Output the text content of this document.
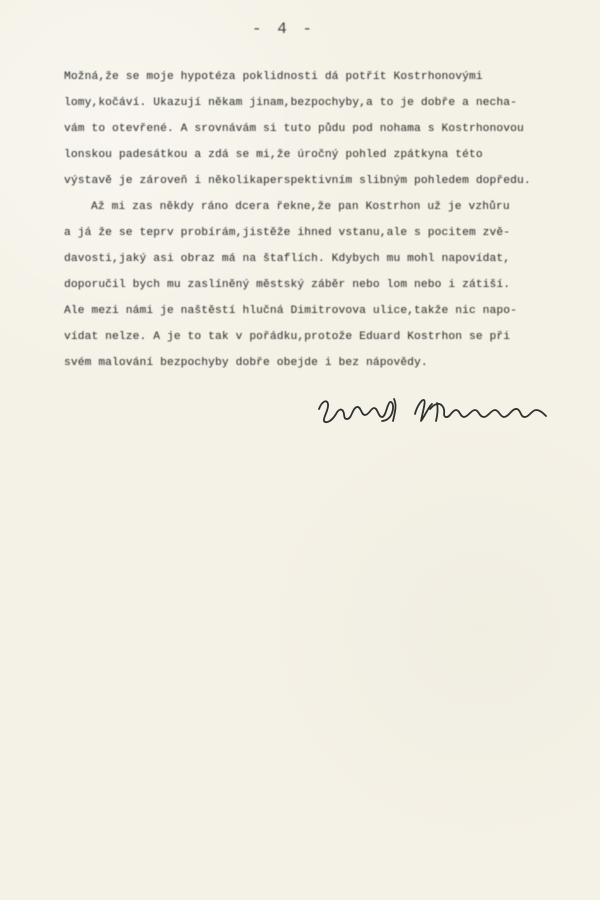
- 4 -
Možná,že se moje hypotéza poklidnosti dá potřít Kostrhonovými
lomy,kočáví. Ukazují někam jinam,bezpochyby,a to je dobře a necha-
vám to otevřené. A srovnávám si tuto půdu pod nohama s Kostrhonovou
lonskou padesátkou a zdá se mi,že úročný pohled zpátkyna této
výstavě je zároveň i několikaperspektivním slibným pohledem dopředu.
Až mi zas někdy ráno dcera řekne,že pan Kostrhon už je vzhůru
a já že se teprv probírám,jistěže ihned vstanu,ale s pocitem zvě-
davosti,jaký asi obraz má na štaflích. Kdybych mu mohl napovídat,
doporučil bych mu zaslíněný městský záběr nebo lom nebo i zátiší.
Ale mezi námi je naštěstí hlučná Dimitrovova ulice,takže nic napo-
vídat nelze. A je to tak v pořádku,protože Eduard Kostrhon se při
svém malování bezpochyby dobře obejde i bez nápovědy.
